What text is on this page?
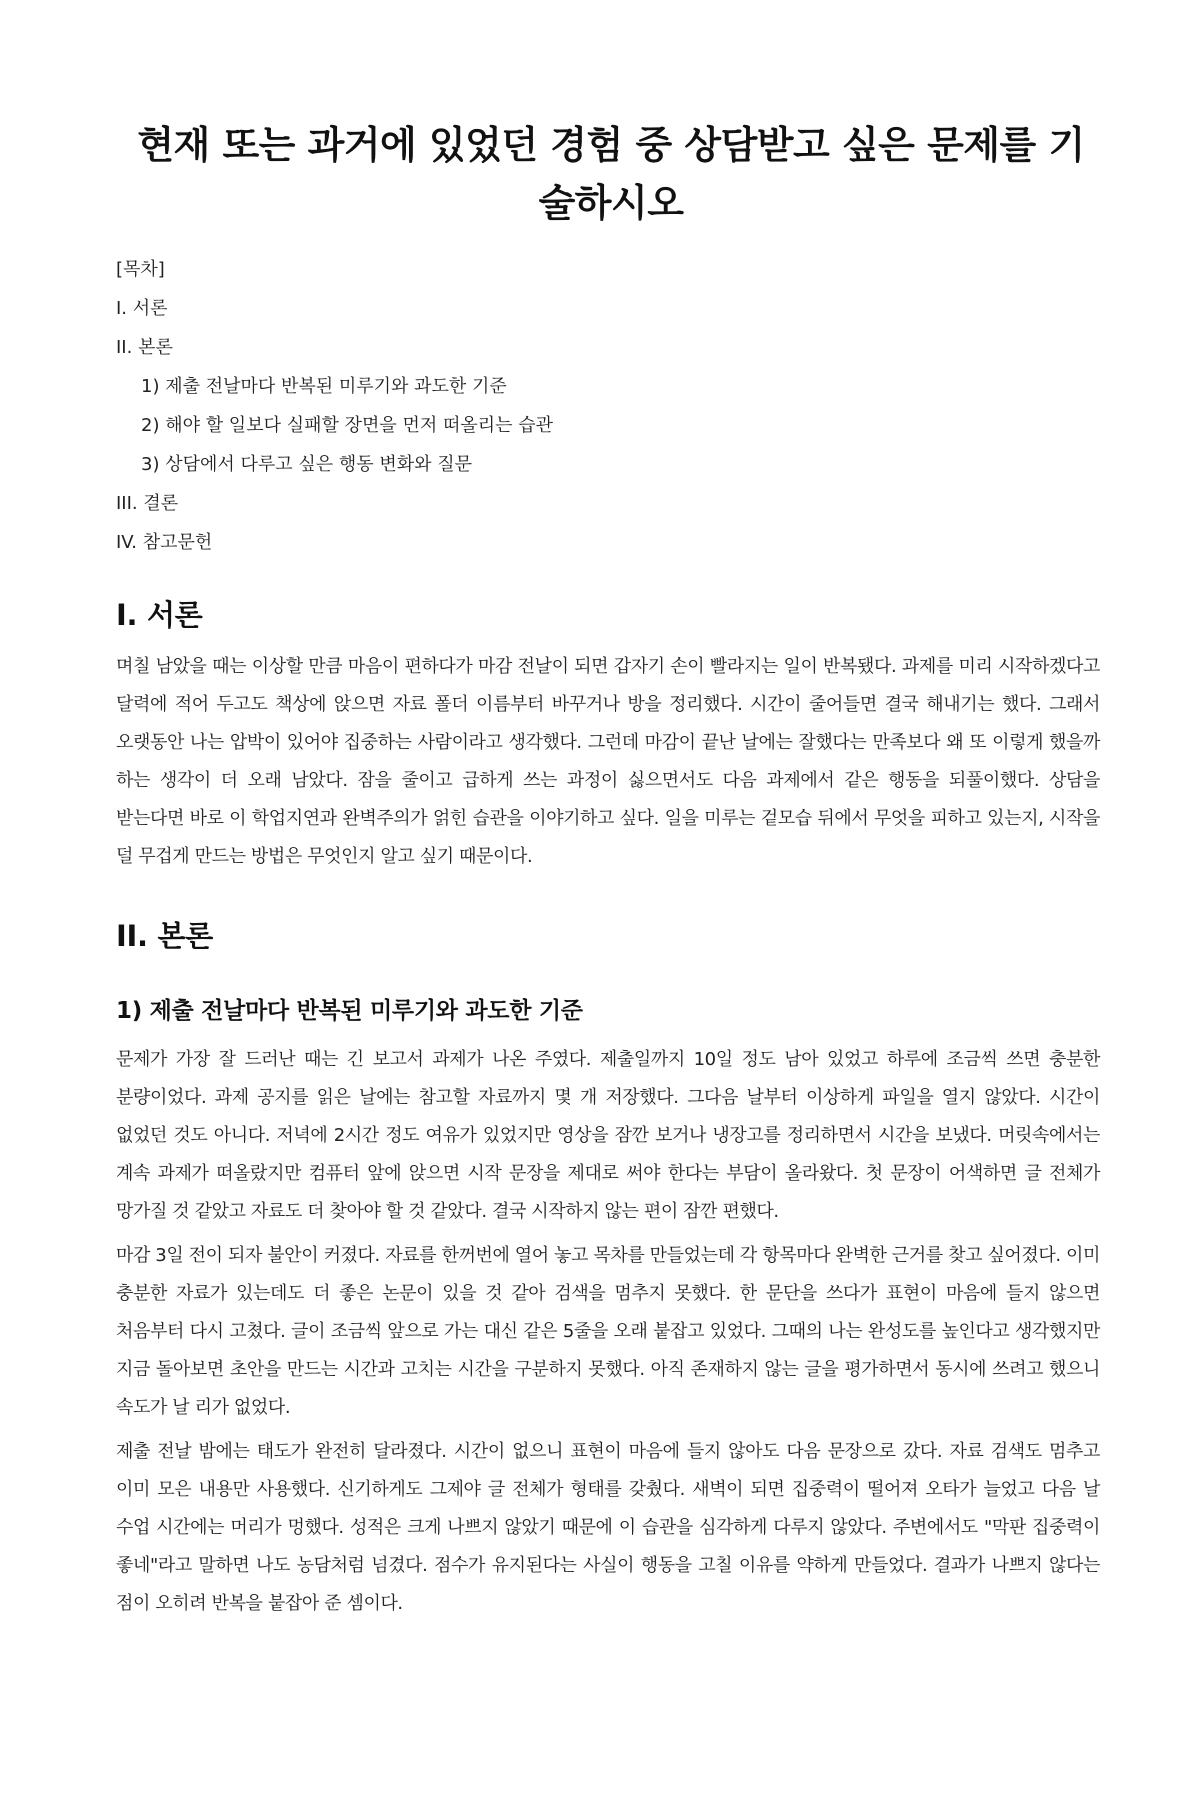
현재 또는 과거에 있었던 경험 중 상담받고 싶은 문제를 기술하시오
[목차]
I. 서론
II. 본론
1) 제출 전날마다 반복된 미루기와 과도한 기준
2) 해야 할 일보다 실패할 장면을 먼저 떠올리는 습관
3) 상담에서 다루고 싶은 행동 변화와 질문
III. 결론
IV. 참고문헌
I. 서론

며칠 남았을 때는 이상할 만큼 마음이 편하다가 마감 전날이 되면 갑자기 손이 빨라지는 일이 반복됐다. 과제를 미리 시작하겠다고 달력에 적어 두고도 책상에 앉으면 자료 폴더 이름부터 바꾸거나 방을 정리했다. 시간이 줄어들면 결국 해내기는 했다. 그래서 오랫동안 나는 압박이 있어야 집중하는 사람이라고 생각했다. 그런데 마감이 끝난 날에는 잘했다는 만족보다 왜 또 이렇게 했을까 하는 생각이 더 오래 남았다. 잠을 줄이고 급하게 쓰는 과정이 싫으면서도 다음 과제에서 같은 행동을 되풀이했다. 상담을 받는다면 바로 이 학업지연과 완벽주의가 얽힌 습관을 이야기하고 싶다. 일을 미루는 겉모습 뒤에서 무엇을 피하고 있는지, 시작을 덜 무겁게 만드는 방법은 무엇인지 알고 싶기 때문이다.

II. 본론
1) 제출 전날마다 반복된 미루기와 과도한 기준

문제가 가장 잘 드러난 때는 긴 보고서 과제가 나온 주였다. 제출일까지 10일 정도 남아 있었고 하루에 조금씩 쓰면 충분한 분량이었다. 과제 공지를 읽은 날에는 참고할 자료까지 몇 개 저장했다. 그다음 날부터 이상하게 파일을 열지 않았다. 시간이 없었던 것도 아니다. 저녁에 2시간 정도 여유가 있었지만 영상을 잠깐 보거나 냉장고를 정리하면서 시간을 보냈다. 머릿속에서는 계속 과제가 떠올랐지만 컴퓨터 앞에 앉으면 시작 문장을 제대로 써야 한다는 부담이 올라왔다. 첫 문장이 어색하면 글 전체가 망가질 것 같았고 자료도 더 찾아야 할 것 같았다. 결국 시작하지 않는 편이 잠깐 편했다.

마감 3일 전이 되자 불안이 커졌다. 자료를 한꺼번에 열어 놓고 목차를 만들었는데 각 항목마다 완벽한 근거를 찾고 싶어졌다. 이미 충분한 자료가 있는데도 더 좋은 논문이 있을 것 같아 검색을 멈추지 못했다. 한 문단을 쓰다가 표현이 마음에 들지 않으면 처음부터 다시 고쳤다. 글이 조금씩 앞으로 가는 대신 같은 5줄을 오래 붙잡고 있었다. 그때의 나는 완성도를 높인다고 생각했지만 지금 돌아보면 초안을 만드는 시간과 고치는 시간을 구분하지 못했다. 아직 존재하지 않는 글을 평가하면서 동시에 쓰려고 했으니 속도가 날 리가 없었다.

제출 전날 밤에는 태도가 완전히 달라졌다. 시간이 없으니 표현이 마음에 들지 않아도 다음 문장으로 갔다. 자료 검색도 멈추고 이미 모은 내용만 사용했다. 신기하게도 그제야 글 전체가 형태를 갖췄다. 새벽이 되면 집중력이 떨어져 오타가 늘었고 다음 날 수업 시간에는 머리가 멍했다. 성적은 크게 나쁘지 않았기 때문에 이 습관을 심각하게 다루지 않았다. 주변에서도 "막판 집중력이 좋네"라고 말하면 나도 농담처럼 넘겼다. 점수가 유지된다는 사실이 행동을 고칠 이유를 약하게 만들었다. 결과가 나쁘지 않다는 점이 오히려 반복을 붙잡아 준 셈이다.
